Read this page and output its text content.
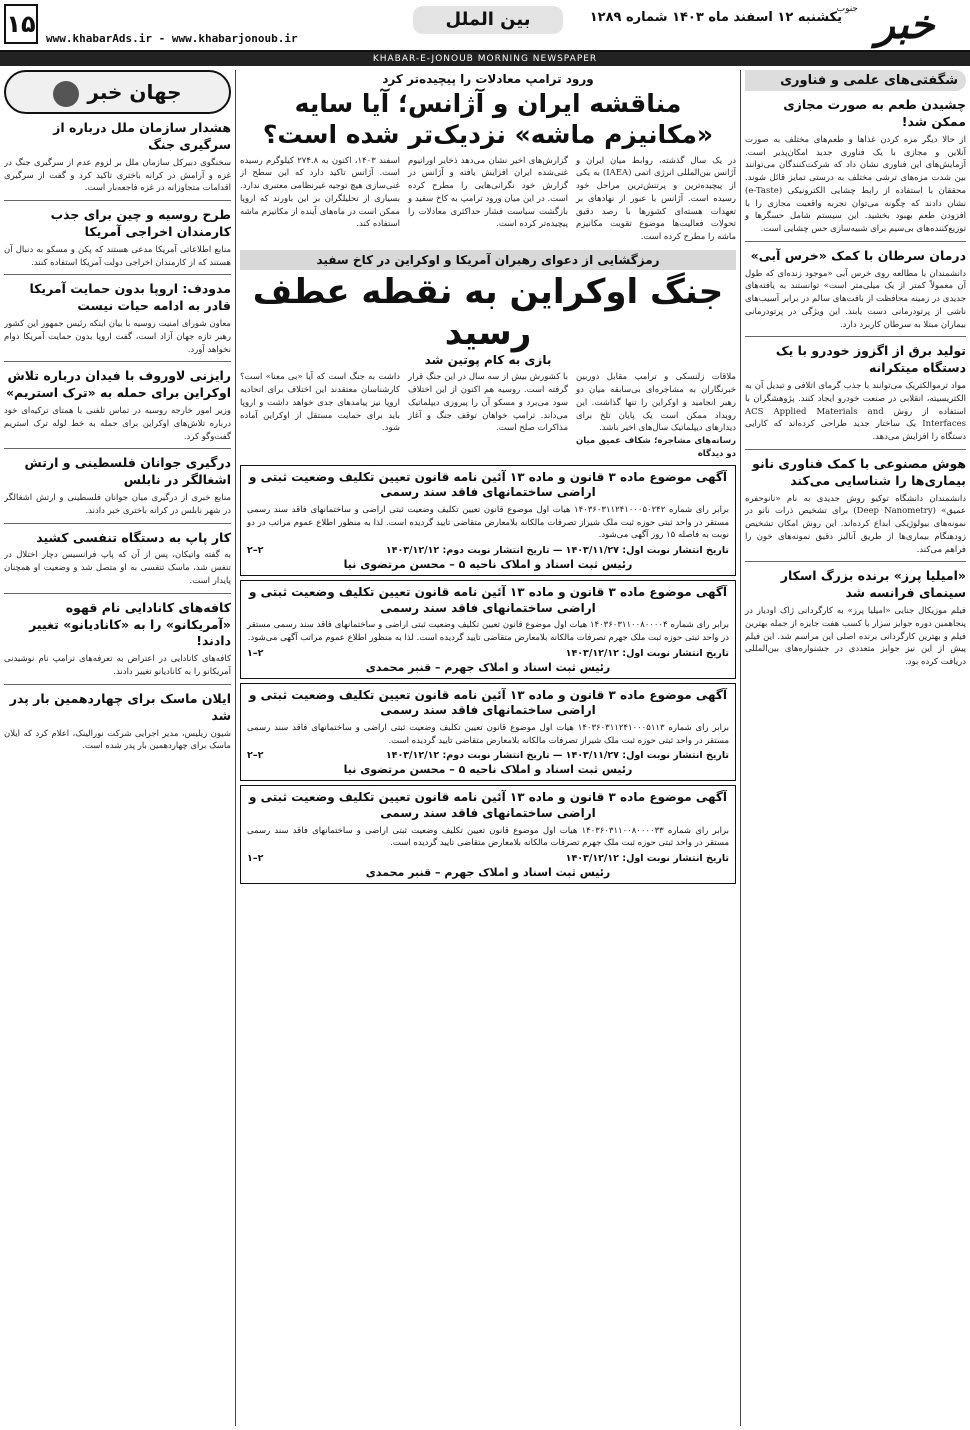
خبر
جنوب
یکشنبه ۱۲ اسفند ماه ۱۴۰۳ شماره ۱۲۸۹
بین الملل
www.khabarAds.ir - www.khabarjonoub.ir
۱۵
KHABAR-E-JONOUB MORNING NEWSPAPER
شگفتی‌های علمی و فناوری
چشیدن طعم به صورت مجازی ممکن شد!

از حالا دیگر مزه کردن غذاها و طعم‌های مختلف به صورت آنلاین و مجازی با یک فناوری جدید امکان‌پذیر است. آزمایش‌های این فناوری نشان داد که شرکت‌کنندگان می‌توانند بین شدت مزه‌های ترشی مختلف به درستی تمایز قائل شوند. محققان با استفاده از رابط چشایی الکترونیکی (e-Taste) نشان دادند که چگونه می‌توان تجربه واقعیت مجازی را با افزودن طعم بهبود بخشید. این سیستم شامل حسگرها و توزیع‌کننده‌های بی‌سیم برای شبیه‌سازی حس چشایی است.

درمان سرطان با کمک «خرس آبی»

دانشمندان با مطالعه روی خرس آبی «موجود زنده‌ای که طول آن معمولاً کمتر از یک میلی‌متر است» توانستند به یافته‌های جدیدی در زمینه محافظت از بافت‌های سالم در برابر آسیب‌های ناشی از پرتودرمانی دست یابند. این ویژگی در پرتودرمانی بیماران مبتلا به سرطان کاربرد دارد.

تولید برق از اگزوز خودرو با یک دستگاه میتکرانه

مواد ترموالکتریک می‌توانند با جذب گرمای اتلافی و تبدیل آن به الکتریسیته، انقلابی در صنعت خودرو ایجاد کنند. پژوهشگران با استفاده از روش ACS Applied Materials and Interfaces یک ساختار جدید طراحی کرده‌اند که کارایی دستگاه را افزایش می‌دهد.

هوش مصنوعی با کمک فناوری نانو بیماری‌ها را شناسایی می‌کند

دانشمندان دانشگاه توکیو روش جدیدی به نام «نانوحفره عمیق» (Deep Nanometry) برای تشخیص ذرات نانو در نمونه‌های بیولوژیکی ابداع کرده‌اند. این روش امکان تشخیص زودهنگام بیماری‌ها از طریق آنالیز دقیق نمونه‌های خون را فراهم می‌کند.

«امیلیا پرز» برنده بزرگ اسکار سینمای فرانسه شد

فیلم موزیکال جنایی «امیلیا پرز» به کارگردانی ژاک اودیار در پنجاهمین دوره جوایز سزار با کسب هفت جایزه از جمله بهترین فیلم و بهترین کارگردانی برنده اصلی این مراسم شد. این فیلم پیش از این نیز جوایز متعددی در جشنواره‌های بین‌المللی دریافت کرده بود.

جهان خبر
هشدار سازمان ملل درباره از سرگیری جنگ

سخنگوی دبیرکل سازمان ملل بر لزوم عدم از سرگیری جنگ در غزه و آرامش در کرانه باختری تاکید کرد و گفت از سرگیری اقدامات متجاوزانه در غزه فاجعه‌بار است.

طرح روسیه و چین برای جذب کارمندان اخراجی آمریکا

منابع اطلاعاتی آمریکا مدعی هستند که پکن و مسکو به دنبال آن هستند که از کارمندان اخراجی دولت آمریکا استفاده کنند.

مدودف: اروپا بدون حمایت آمریکا قادر به ادامه حیات نیست

معاون شورای امنیت روسیه با بیان اینکه رئیس جمهور این کشور رهبر تازه جهان آزاد است، گفت اروپا بدون حمایت آمریکا دوام نخواهد آورد.

رایزنی لاوروف با فیدان درباره تلاش اوکراین برای حمله به «ترک استریم»

وزیر امور خارجه روسیه در تماس تلفنی با همتای ترکیه‌ای خود درباره تلاش‌های اوکراین برای حمله به خط لوله ترک استریم گفت‌وگو کرد.

درگیری جوانان فلسطینی و ارتش اشغالگر در نابلس

منابع خبری از درگیری میان جوانان فلسطینی و ارتش اشغالگر در شهر نابلس در کرانه باختری خبر دادند.

کار پاپ به دستگاه تنفسی کشید

به گفته واتیکان، پس از آن که پاپ فرانسیس دچار اختلال در تنفس شد، ماسک تنفسی به او متصل شد و وضعیت او همچنان پایدار است.

کافه‌های کانادایی نام قهوه «آمریکانو» را به «کانادیانو» تغییر دادند!

کافه‌های کانادایی در اعتراض به تعرفه‌های ترامپ نام نوشیدنی آمریکانو را به کانادیانو تغییر دادند.

ایلان ماسک برای چهاردهمین بار پدر شد

شیون زیلیس، مدیر اجرایی شرکت نورالینک، اعلام کرد که ایلان ماسک برای چهاردهمین بار پدر شده است.

ورود ترامپ معادلات را پیچیده‌تر کرد
مناقشه ایران و آژانس؛ آیا سایه «مکانیزم ماشه» نزدیک‌تر شده است؟

در یک سال گذشته، روابط میان ایران و آژانس بین‌المللی انرژی اتمی (IAEA) به یکی از پیچیده‌ترین و پرتنش‌ترین مراحل خود رسیده است. آژانس با عبور از نهادهای بر تعهدات هسته‌ای کشورها با رصد دقیق تحولات فعالیت‌ها موضوع تقویت مکانیزم ماشه را مطرح کرده است.

گزارش‌های اخیر نشان می‌دهد ذخایر اورانیوم غنی‌شده ایران افزایش یافته و آژانس در گزارش خود نگرانی‌هایی را مطرح کرده است. در این میان ورود ترامپ به کاخ سفید و بازگشت سیاست فشار حداکثری معادلات را پیچیده‌تر کرده است.

اسفند ۱۴۰۳، اکنون به ۲۷۴.۸ کیلوگرم رسیده است. آژانس تاکید دارد که این سطح از غنی‌سازی هیچ توجیه غیرنظامی معتبری ندارد. بسیاری از تحلیلگران بر این باورند که اروپا ممکن است در ماه‌های آینده از مکانیزم ماشه استفاده کند.

رمزگشایی از دعوای رهبران آمریکا و اوکراین در کاخ سفید
جنگ اوکراین به نقطه عطف رسید
بازی به کام پوتین شد

ملاقات زلنسکی و ترامپ مقابل دوربین خبرنگاران به مشاجره‌ای بی‌سابقه میان دو رهبر انجامید و اوکراین را تنها گذاشت. این رویداد ممکن است یک پایان تلخ برای دیدارهای دیپلماتیک سال‌های اخیر باشد.

رسانه‌های مشاجره؛ شکاف عمیق میان دو دیدگاه

با کشورش بیش از سه سال در این جنگ قرار گرفته است. روسیه هم اکنون از این اختلاف سود می‌برد و مسکو آن را پیروزی دیپلماتیک می‌داند. ترامپ خواهان توقف جنگ و آغاز مذاکرات صلح است.

داشت به جنگ است که آیا «بی‌ معنا» است؟ کارشناسان معتقدند این اختلاف برای اتحادیه اروپا نیز پیامدهای جدی خواهد داشت و اروپا باید برای حمایت مستقل از اوکراین آماده شود.

آگهی موضوع ماده ۳ قانون و ماده ۱۳ آئین نامه قانون تعیین تکلیف وضعیت ثبتی و اراضی ساختمانهای فاقد سند رسمی
برابر رای شماره ۱۴۰۳۶۰۳۱۱۲۴۱۰۰۰۵۰۲۴۲ هیات اول موضوع قانون تعیین تکلیف وضعیت ثبتی اراضی و ساختمانهای فاقد سند رسمی مستقر در واحد ثبتی حوزه ثبت ملک شیراز تصرفات مالکانه بلامعارض متقاضی تایید گردیده است. لذا به منظور اطلاع عموم مراتب در دو نوبت به فاصله ۱۵ روز آگهی می‌شود.
تاریخ انتشار نوبت اول: ۱۴۰۳/۱۱/۲۷ — تاریخ انتشار نوبت دوم: ۱۴۰۳/۱۲/۱۲
۲–۲
رئیس ثبت اسناد و املاک ناحیه ۵ – محسن مرتضوی نیا
آگهی موضوع ماده ۳ قانون و ماده ۱۳ آئین نامه قانون تعیین تکلیف وضعیت ثبتی و اراضی ساختمانهای فاقد سند رسمی
برابر رای شماره ۱۴۰۳۶۰۳۱۱۰۰۸۰۰۰۰۴ هیات اول موضوع قانون تعیین تکلیف وضعیت ثبتی اراضی و ساختمانهای فاقد سند رسمی مستقر در واحد ثبتی حوزه ثبت ملک جهرم تصرفات مالکانه بلامعارض متقاضی تایید گردیده است. لذا به منظور اطلاع عموم مراتب آگهی می‌شود.
تاریخ انتشار نوبت اول: ۱۴۰۳/۱۲/۱۲
۲–۱
رئیس ثبت اسناد و املاک جهرم – قنبر محمدی
آگهی موضوع ماده ۳ قانون و ماده ۱۳ آئین نامه قانون تعیین تکلیف وضعیت ثبتی و اراضی ساختمانهای فاقد سند رسمی
برابر رای شماره ۱۴۰۳۶۰۳۱۱۲۴۱۰۰۰۵۱۱۳ هیات اول موضوع قانون تعیین تکلیف وضعیت ثبتی اراضی و ساختمانهای فاقد سند رسمی مستقر در واحد ثبتی حوزه ثبت ملک شیراز تصرفات مالکانه بلامعارض متقاضی تایید گردیده است.
تاریخ انتشار نوبت اول: ۱۴۰۳/۱۱/۲۷ — تاریخ انتشار نوبت دوم: ۱۴۰۳/۱۲/۱۲
۲–۲
رئیس ثبت اسناد و املاک ناحیه ۵ – محسن مرتضوی نیا
آگهی موضوع ماده ۳ قانون و ماده ۱۳ آئین نامه قانون تعیین تکلیف وضعیت ثبتی و اراضی ساختمانهای فاقد سند رسمی
برابر رای شماره ۱۴۰۳۶۰۳۱۱۰۰۸۰۰۰۰۳۳ هیات اول موضوع قانون تعیین تکلیف وضعیت ثبتی اراضی و ساختمانهای فاقد سند رسمی مستقر در واحد ثبتی حوزه ثبت ملک جهرم تصرفات مالکانه بلامعارض متقاضی تایید گردیده است.
تاریخ انتشار نوبت اول: ۱۴۰۳/۱۲/۱۲
۲–۱
رئیس ثبت اسناد و املاک جهرم – قنبر محمدی
